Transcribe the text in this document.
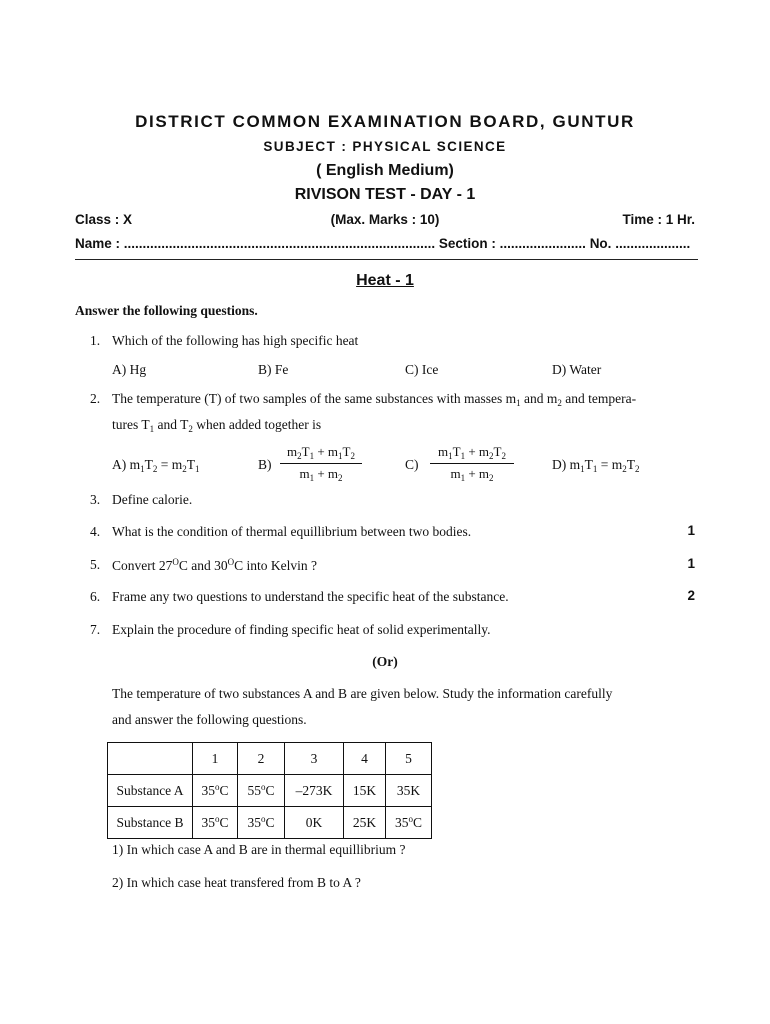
DISTRICT COMMON EXAMINATION BOARD, GUNTUR
SUBJECT : PHYSICAL SCIENCE
( English Medium)
RIVISON TEST - DAY - 1
Class : X	(Max. Marks : 10)	Time : 1 Hr.
Name : ................................................................................... Section : ....................... No. ....................
Heat - 1
Answer the following questions.
1. Which of the following has high specific heat
A) Hg	B) Fe	C) Ice	D) Water
2. The temperature (T) of two samples of the same substances with masses $m_1$ and $m_2$ and tempera-
tures $T_1$ and $T_2$ when added together is
A) $m_1T_2 = m_2T_1$	$B) \frac{m_2T_1 + m_1T_2}{m_1 + m_2}$	$C) \frac{m_1T_1 + m_2T_2}{m_1 + m_2}$	D) $m_1T_1 = m_2T_2$
3. Define calorie.
4. What is the condition of thermal equillibrium between two bodies.	1
5. Convert $27^OC$ and $30^OC$ into Kelvin ?	1
6. Frame any two questions to understand the specific heat of the substance.	2
7. Explain the procedure of finding specific heat of solid experimentally.
(Or)
The temperature of two substances A and B are given below. Study the information carefully
and answer the following questions.
	1	2	3	4	5
Substance A	35$^o$C	55$^o$C	–273K	15K	35K
Substance B	35$^o$C	35$^o$C	0K	25K	35$^o$C
1) In which case A and B are in thermal equillibrium ?
2) In which case heat transfered from B to A ?
